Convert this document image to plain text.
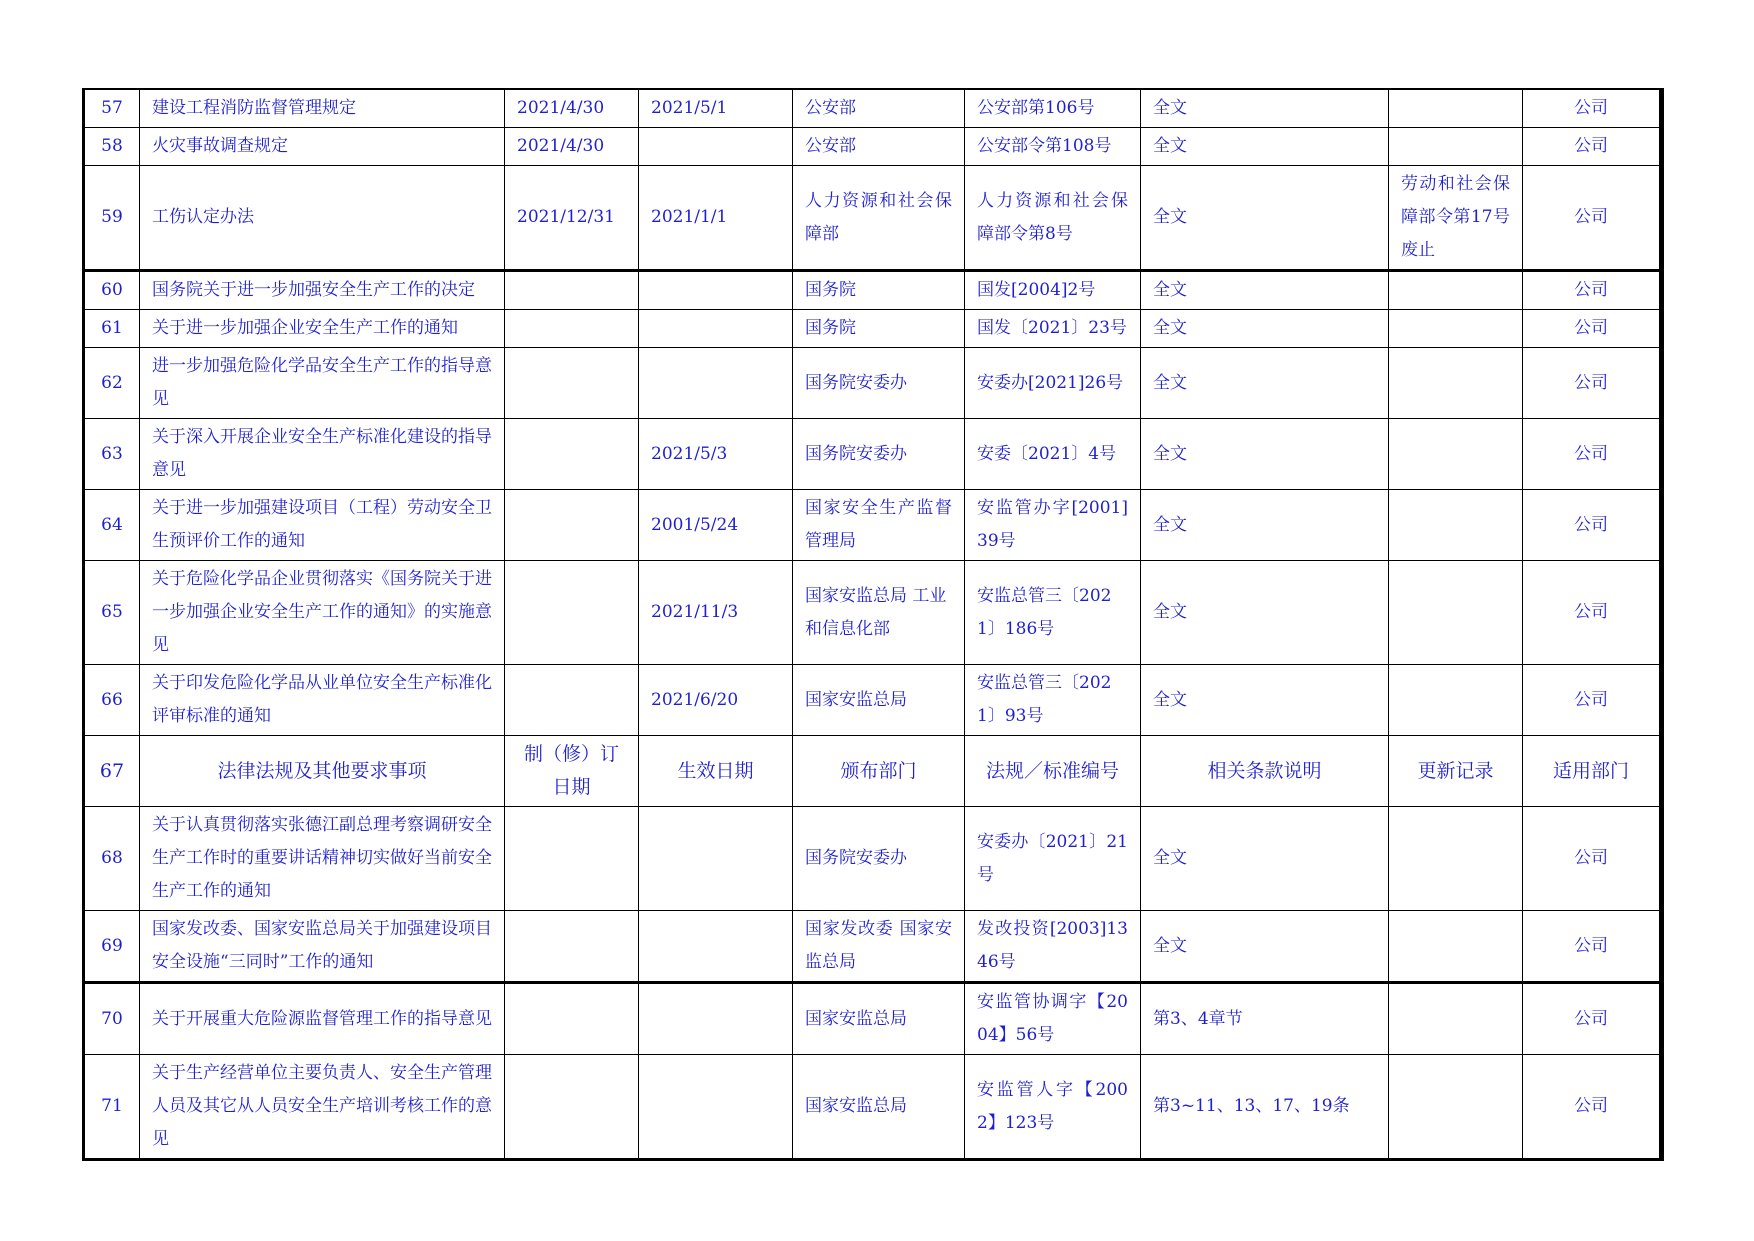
57	建设工程消防监督管理规定	2021/4/30	2021/5/1	公安部	公安部第106号	全文		公司
58	火灾事故调查规定	2021/4/30		公安部	公安部令第108号	全文		公司
59	工伤认定办法	2021/12/31	2021/1/1	人力资源和社会保障部	人力资源和社会保障部令第8号	全文	劳动和社会保障部令第17号废止	公司
60	国务院关于进一步加强安全生产工作的决定			国务院	国发[2004]2号	全文		公司
61	关于进一步加强企业安全生产工作的通知			国务院	国发〔2021〕23号	全文		公司
62	进一步加强危险化学品安全生产工作的指导意见			国务院安委办	安委办[2021]26号	全文		公司
63	关于深入开展企业安全生产标准化建设的指导意见		2021/5/3	国务院安委办	安委〔2021〕4号	全文		公司
64	关于进一步加强建设项目（工程）劳动安全卫生预评价工作的通知		2001/5/24	国家安全生产监督管理局	安监管办字[2001]39号	全文		公司
65	关于危险化学品企业贯彻落实《国务院关于进一步加强企业安全生产工作的通知》的实施意见		2021/11/3	国家安监总局 工业和信息化部	安监总管三〔2021〕186号	全文		公司
66	关于印发危险化学品从业单位安全生产标准化评审标准的通知		2021/6/20	国家安监总局	安监总管三〔2021〕93号	全文		公司
67	法律法规及其他要求事项	制（修）订日期	生效日期	颁布部门	法规／标准编号	相关条款说明	更新记录	适用部门
68	关于认真贯彻落实张德江副总理考察调研安全生产工作时的重要讲话精神切实做好当前安全生产工作的通知			国务院安委办	安委办〔2021〕21号	全文		公司
69	国家发改委、国家安监总局关于加强建设项目安全设施“三同时”工作的通知			国家发改委 国家安监总局	发改投资[2003]1346号	全文		公司
70	关于开展重大危险源监督管理工作的指导意见			国家安监总局	安监管协调字【2004】56号	第3、4章节		公司
71	关于生产经营单位主要负责人、安全生产管理人员及其它从人员安全生产培训考核工作的意见			国家安监总局	安监管人字【2002】123号	第3~11、13、17、19条		公司
